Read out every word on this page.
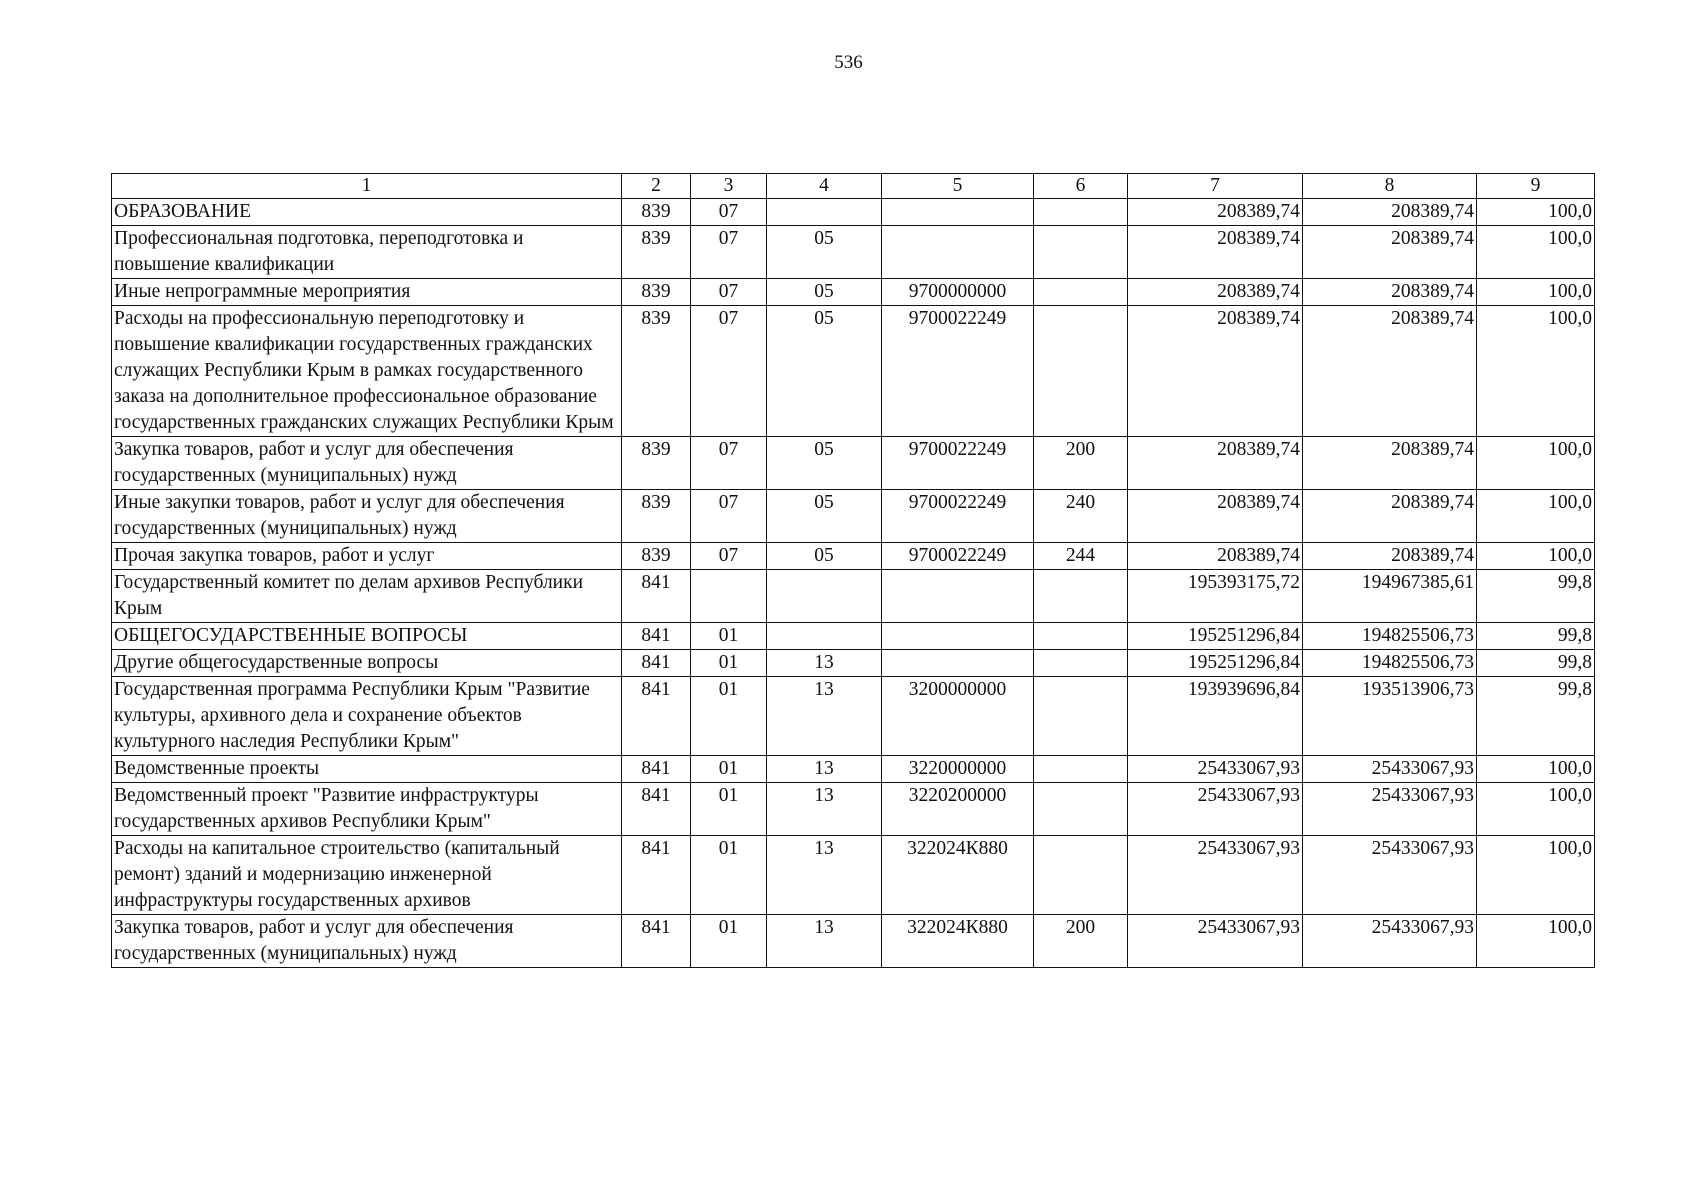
536
1	2	3	4	5	6	7	8	9
ОБРАЗОВАНИЕ	839	07				208389,74	208389,74	100,0
Профессиональная подготовка, переподготовка и повышение квалификации	839	07	05			208389,74	208389,74	100,0
Иные непрограммные мероприятия	839	07	05	9700000000		208389,74	208389,74	100,0
Расходы на профессиональную переподготовку и повышение квалификации государственных гражданских служащих Республики Крым в рамках государственного заказа на дополнительное профессиональное образование государственных гражданских служащих Республики Крым	839	07	05	9700022249		208389,74	208389,74	100,0
Закупка товаров, работ и услуг для обеспечения государственных (муниципальных) нужд	839	07	05	9700022249	200	208389,74	208389,74	100,0
Иные закупки товаров, работ и услуг для обеспечения государственных (муниципальных) нужд	839	07	05	9700022249	240	208389,74	208389,74	100,0
Прочая закупка товаров, работ и услуг	839	07	05	9700022249	244	208389,74	208389,74	100,0
Государственный комитет по делам архивов Республики Крым	841					195393175,72	194967385,61	99,8
ОБЩЕГОСУДАРСТВЕННЫЕ ВОПРОСЫ	841	01				195251296,84	194825506,73	99,8
Другие общегосударственные вопросы	841	01	13			195251296,84	194825506,73	99,8
Государственная программа Республики Крым "Развитие культуры, архивного дела и сохранение объектов культурного наследия Республики Крым"	841	01	13	3200000000		193939696,84	193513906,73	99,8
Ведомственные проекты	841	01	13	3220000000		25433067,93	25433067,93	100,0
Ведомственный проект "Развитие инфраструктуры государственных архивов Республики Крым"	841	01	13	3220200000		25433067,93	25433067,93	100,0
Расходы на капитальное строительство (капитальный ремонт) зданий и модернизацию инженерной инфраструктуры государственных архивов	841	01	13	322024К880		25433067,93	25433067,93	100,0
Закупка товаров, работ и услуг для обеспечения государственных (муниципальных) нужд	841	01	13	322024К880	200	25433067,93	25433067,93	100,0
